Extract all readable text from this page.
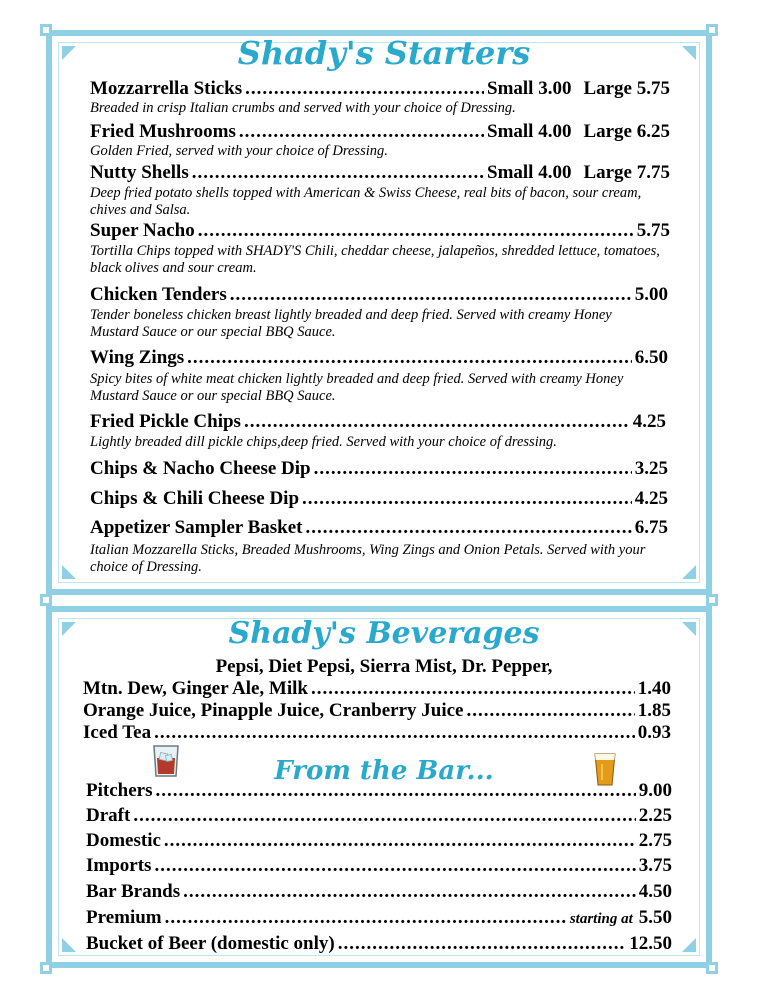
Shady's Starters
Mozzarrella Sticks .....	Small 3.00 Large 5.75
Breaded in crisp Italian crumbs and served with your choice of Dressing.
Fried Mushrooms .....	Small 4.00 Large 6.25
Golden Fried, served with your choice of Dressing.
Nutty Shells .....	Small 4.00 Large 7.75
Deep fried potato shells topped with American & Swiss Cheese, real bits of bacon, sour cream, chives and Salsa.
Super Nacho .....	5.75
Tortilla Chips topped with SHADY'S Chili, cheddar cheese, jalapeños, shredded lettuce, tomatoes, black olives and sour cream.
Chicken Tenders .....	5.00
Tender boneless chicken breast lightly breaded and deep fried. Served with creamy Honey Mustard Sauce or our special BBQ Sauce.
Wing Zings .....	6.50
Spicy bites of white meat chicken lightly breaded and deep fried. Served with creamy Honey Mustard Sauce or our special BBQ Sauce.
Fried Pickle Chips .....	4.25
Lightly breaded dill pickle chips,deep fried. Served with your choice of dressing.
Chips & Nacho Cheese Dip .....	3.25
Chips & Chili Cheese Dip .....	4.25
Appetizer Sampler Basket .....	6.75
Italian Mozzarella Sticks, Breaded Mushrooms, Wing Zings and Onion Petals. Served with your choice of Dressing.
Shady's Beverages
Pepsi, Diet Pepsi, Sierra Mist, Dr. Pepper,
Mtn. Dew, Ginger Ale, Milk .....	1.40
Orange Juice, Pinapple Juice, Cranberry Juice .....	1.85
Iced Tea .....	0.93
From the Bar...
Pitchers .....	9.00
Draft .....	2.25
Domestic .....	2.75
Imports .....	3.75
Bar Brands .....	4.50
Premium .....	starting at 5.50
Bucket of Beer (domestic only) .....	12.50
